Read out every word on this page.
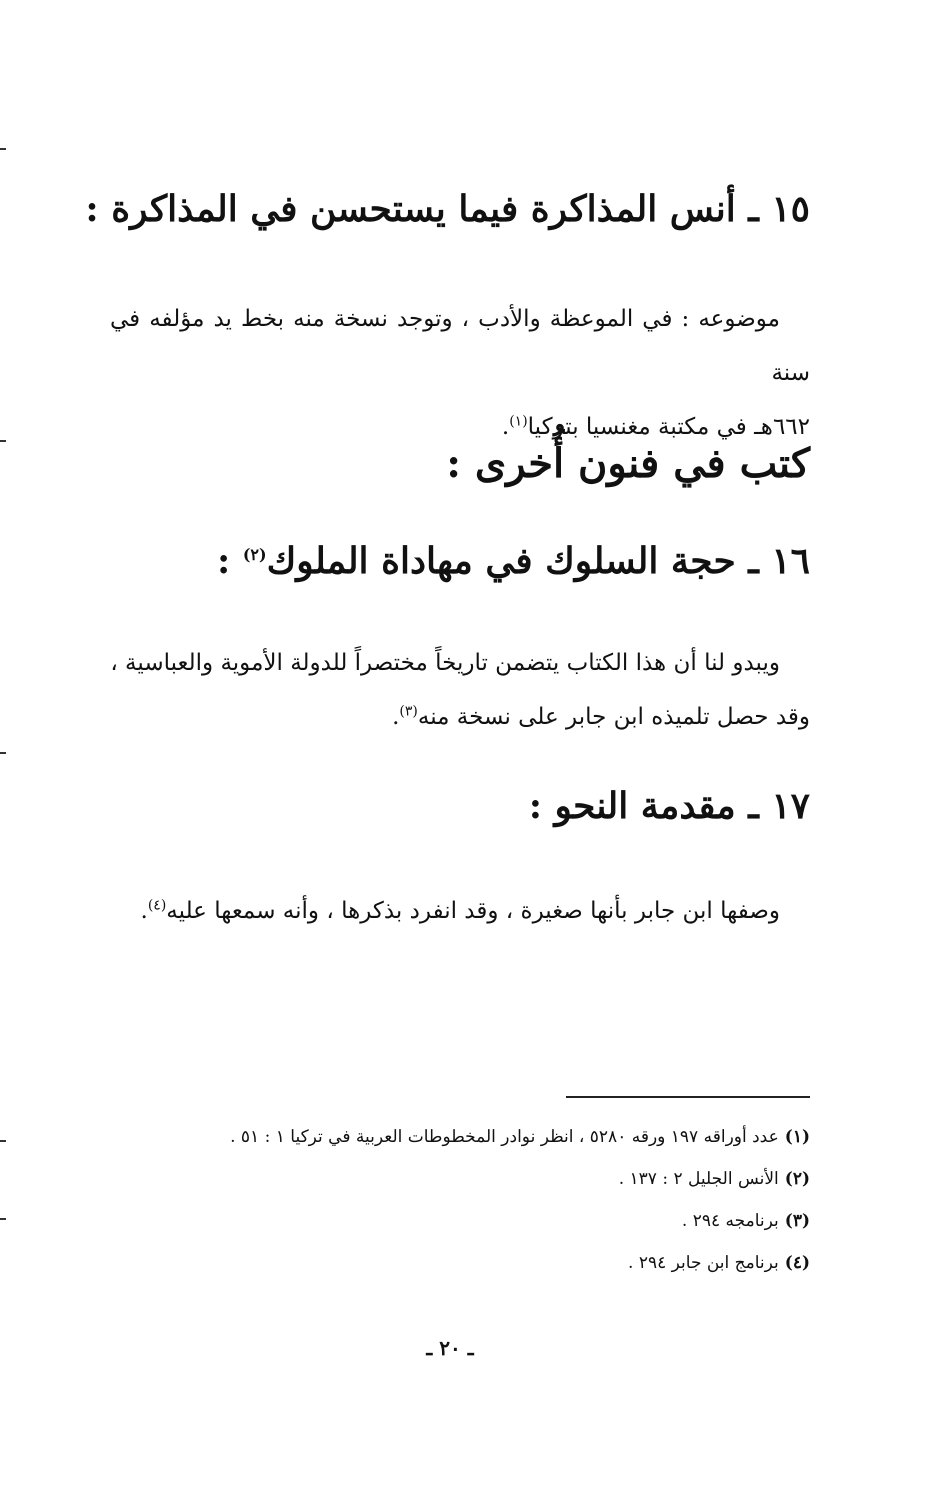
١٥ ـ أنس المذاكرة فيما يستحسن في المذاكرة :

موضوعه : في الموعظة والأدب ، وتوجد نسخة منه بخط يد مؤلفه في سنة

٦٦٢هـ في مكتبة مغنسيا بتركيا$^{(١)}$.

كتب في فنون أُخرى :
١٦ ـ حجة السلوك في مهاداة الملوك$^{(٢)}$ :

ويبدو لنا أن هذا الكتاب يتضمن تاريخاً مختصراً للدولة الأموية والعباسية ،

وقد حصل تلميذه ابن جابر على نسخة منه$^{(٣)}$.

١٧ ـ مقدمة النحو :

وصفها ابن جابر بأنها صغيرة ، وقد انفرد بذكرها ، وأنه سمعها عليه$^{(٤)}$.

(١)عدد أوراقه ١٩٧ ورقه ٥٢٨٠ ، انظر نوادر المخطوطات العربية في تركيا ١ : ٥١ .
(٢)الأنس الجليل ٢ : ١٣٧ .
(٣)برنامجه ٢٩٤ .
(٤)برنامج ابن جابر ٢٩٤ .
ـ ٢٠ ـ
